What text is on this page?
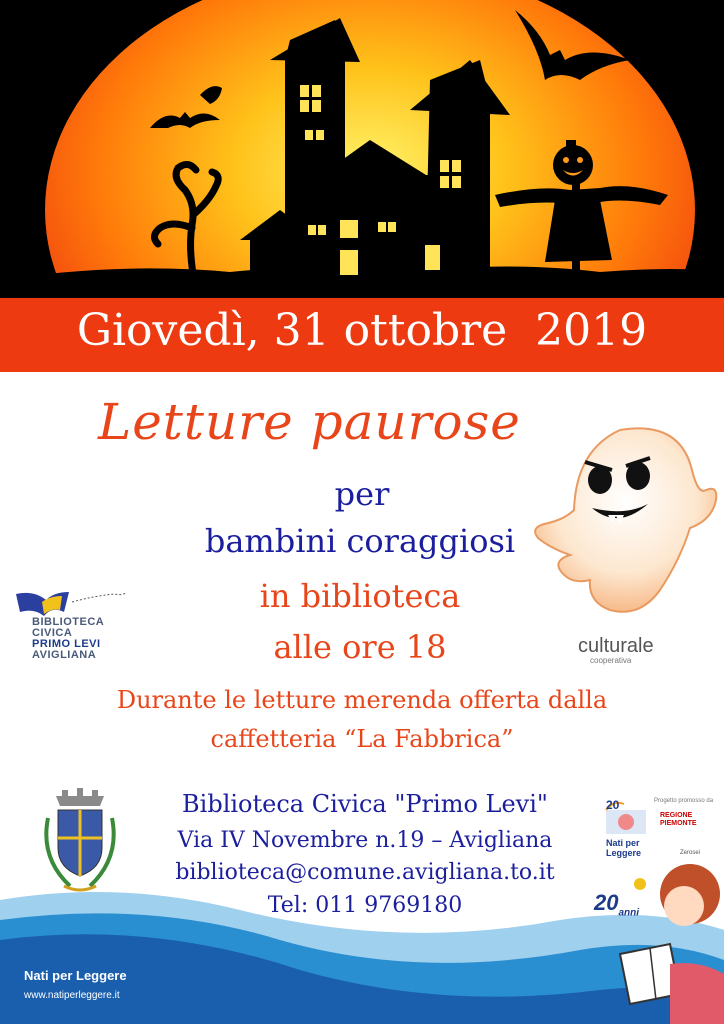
Giovedì, 31 ottobre  2019
Letture paurose
per
bambini coraggiosi
in biblioteca
alle ore 18
Durante le letture merenda offerta dalla
caffetteria “La Fabbrica”
BIBLIOTECA
CIVICA
PRIMO LEVI
AVIGLIANA	culturale
cooperativa
Biblioteca Civica "Primo Levi"
Via IV Novembre n.19 – Avigliana
biblioteca@comune.avigliana.to.it
Tel: 011 9769180
20
Nati per
Leggere
Progetto promosso da
REGIONE
PIEMONTE
Zerosei
$20_{anni}$
Nati per Leggere
www.natiperleggere.it
